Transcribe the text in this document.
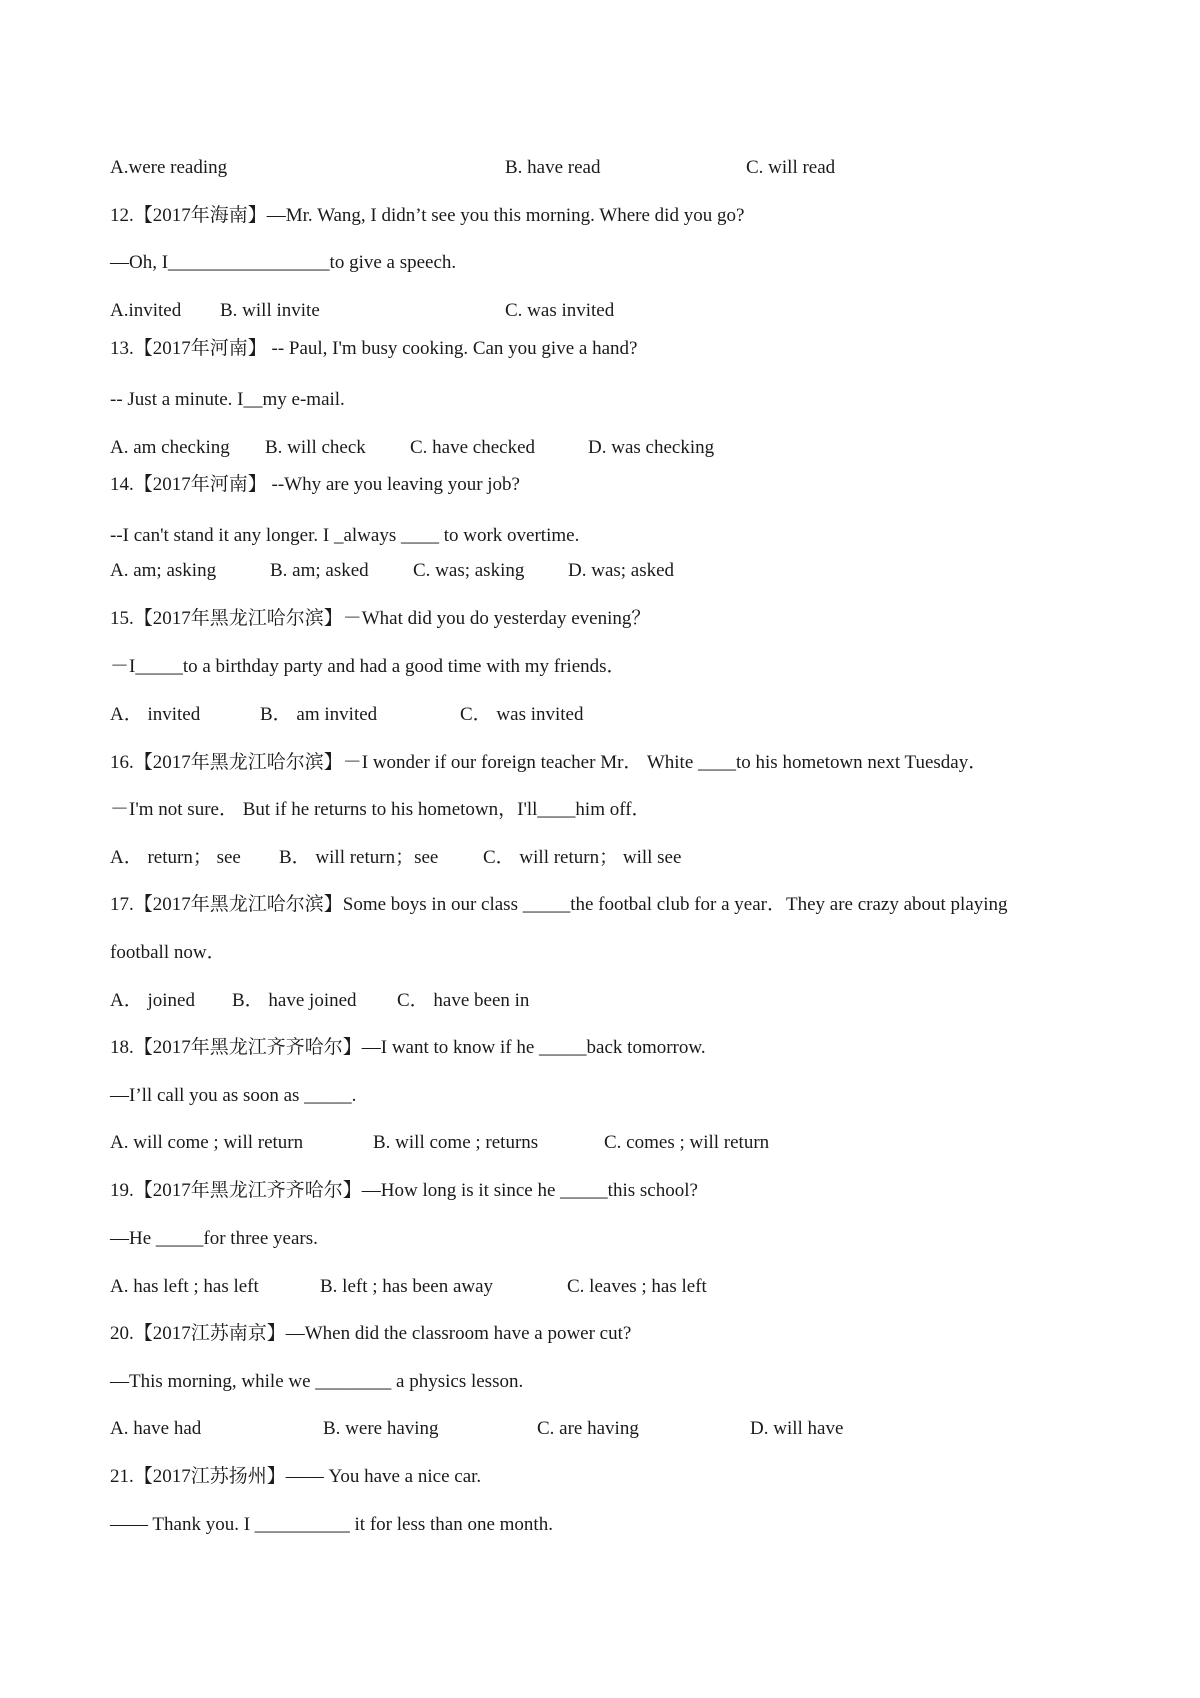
A.were reading	B. have read	C. will read
12.【2017年海南】—Mr. Wang, I didn’t see you this morning. Where did you go?
—Oh, I_________________to give a speech.
A.invited B. will invite	C. was invited
13.【2017年河南】 -- Paul, I'm busy cooking. Can you give a hand?
-- Just a minute. I__my e-mail.
A. am checking B. will check C. have checked	D. was checking
14.【2017年河南】 --Why are you leaving your job?
--I can't stand it any longer. I _always ____ to work overtime.
A. am; asking	B. am; asked C. was; asking D. was; asked
15.【2017年黑龙江哈尔滨】－What did you do yesterday evening？
－I_____to a birthday party and had a good time with my friends．
A． invited	B． am invited	C． was invited
16.【2017年黑龙江哈尔滨】－I wonder if our foreign teacher Mr． White ____to his hometown next Tuesday．
－I'm not sure． But if he returns to his hometown，I'll____him off．
A． return； see B． will return；see C． will return； will see
17.【2017年黑龙江哈尔滨】Some boys in our class _____the footbal club for a year．They are crazy about playing
football now．
A． joined B． have joined C． have been in
18.【2017年黑龙江齐齐哈尔】—I want to know if he _____back tomorrow.
—I’ll call you as soon as _____.
A. will come ; will return	B. will come ; returns	C. comes ; will return
19.【2017年黑龙江齐齐哈尔】—How long is it since he _____this school?
—He _____for three years.
A. has left ; has left	B. left ; has been away	C. leaves ; has left
20.【2017江苏南京】—When did the classroom have a power cut?
—This morning, while we ________ a physics lesson.
A. have had	B. were having	C. are having	D. will have
21.【2017江苏扬州】—— You have a nice car.
—— Thank you. I __________ it for less than one month.
